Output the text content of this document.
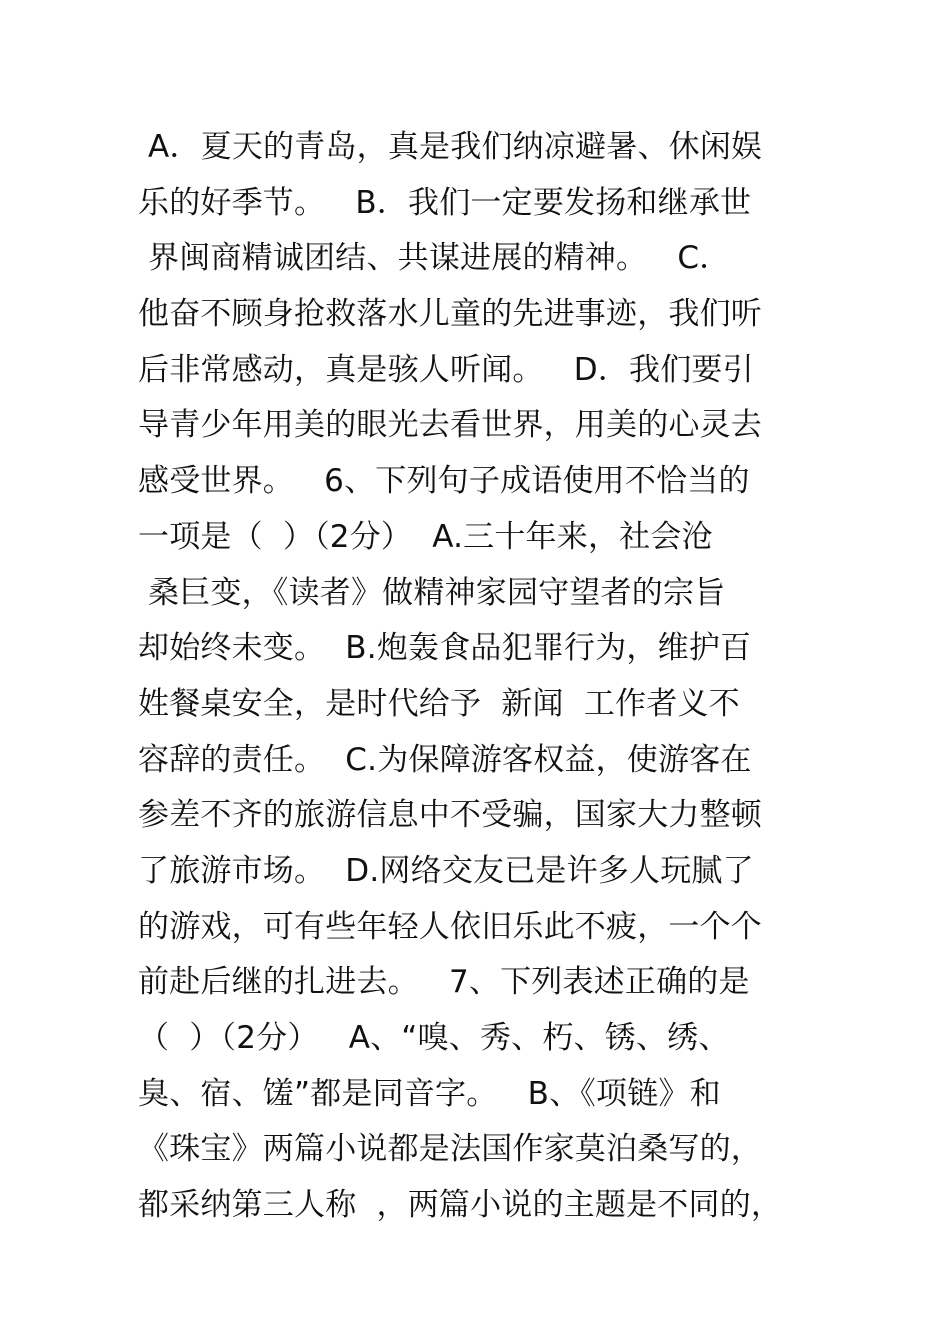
A．夏天的青岛，真是我们纳凉避暑、休闲娱
乐的好季节。   B．我们一定要发扬和继承世
界闽商精诚团结、共谋进展的精神。   C．
他奋不顾身抢救落水儿童的先进事迹，我们听
后非常感动，真是骇人听闻。   D．我们要引
导青少年用美的眼光去看世界，用美的心灵去
感受世界。   6、下列句子成语使用不恰当的
一项是（  ）（2分）  A.三十年来，社会沧
桑巨变，《读者》做精神家园守望者的宗旨
却始终未变。  B.炮轰食品犯罪行为，维护百
姓餐桌安全，是时代给予  新闻  工作者义不
容辞的责任。  C.为保障游客权益，使游客在
参差不齐的旅游信息中不受骗，国家大力整顿
了旅游市场。  D.网络交友已是许多人玩腻了
的游戏，可有些年轻人依旧乐此不疲，一个个
前赴后继的扎进去。   7、下列表述正确的是
（  ）（2分）   A、“嗅、秀、朽、锈、绣、
臭、宿、馐”都是同音字。   B、《项链》和
《珠宝》两篇小说都是法国作家莫泊桑写的，
都采纳第三人称  ，两篇小说的主题是不同的，
